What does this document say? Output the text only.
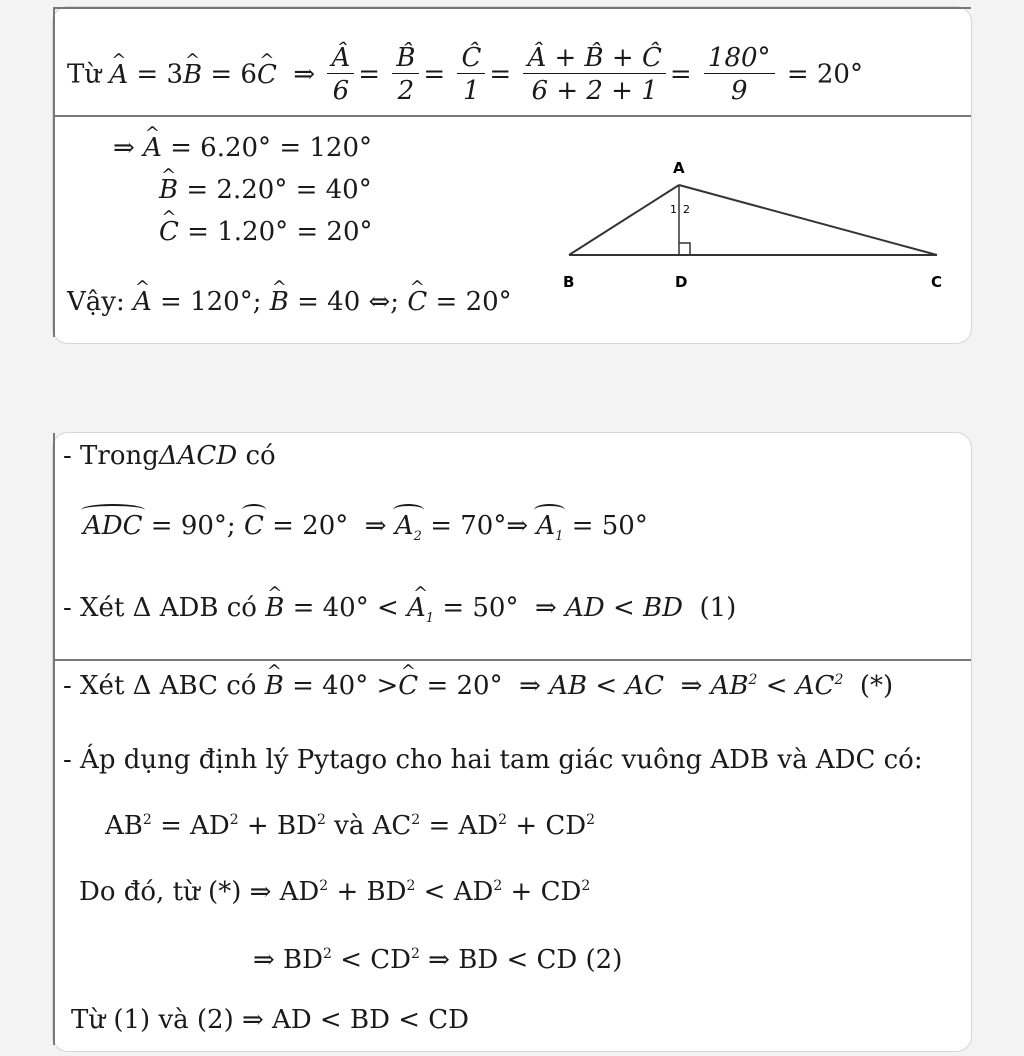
Từ ^ A = 3^ B = 6^ C  ⇒ $\frac{Â}{6} = \frac{B̂}{2} = \frac{Ĉ}{1} = \frac{Â + B̂ + Ĉ}{6 + 2 + 1} = \frac{180^\circ}{9} = 20^\circ$
⇒ ^ A = 6.20° = 120°
^ B = 2.20° = 40°
^ C = 1.20° = 20°
Vậy: ^ A = 120°; ^ B = 40 ⇔; ^ C = 20°
A
B	D	C
1 2
- TrongΔACD có
ADC = 90°; C = 20°  ⇒ $A_2$ = 70°⇒ $A_1 = 50^\circ$
- Xét Δ ADB có ^ B = 40° < ^ $A_1 = 50^\circ$  ⇒ AD < BD (1)
- Xét Δ ABC có ^ B = 40° >^ C = 20°  ⇒ AB < AC  ⇒ $AB^2 < AC^2$ (*)
- Áp dụng định lý Pytago cho hai tam giác vuông ADB và ADC có:
$AB^2 = AD^2 + BD^2$ và $AC^2 = AD^2 + CD^2$
Do đó, từ (*) ⇒ $AD^2 + BD^2 < AD^2 + CD^2$
⇒ $BD^2 < CD^2$ ⇒ BD < CD (2)
Từ (1) và (2) ⇒ AD < BD < CD
